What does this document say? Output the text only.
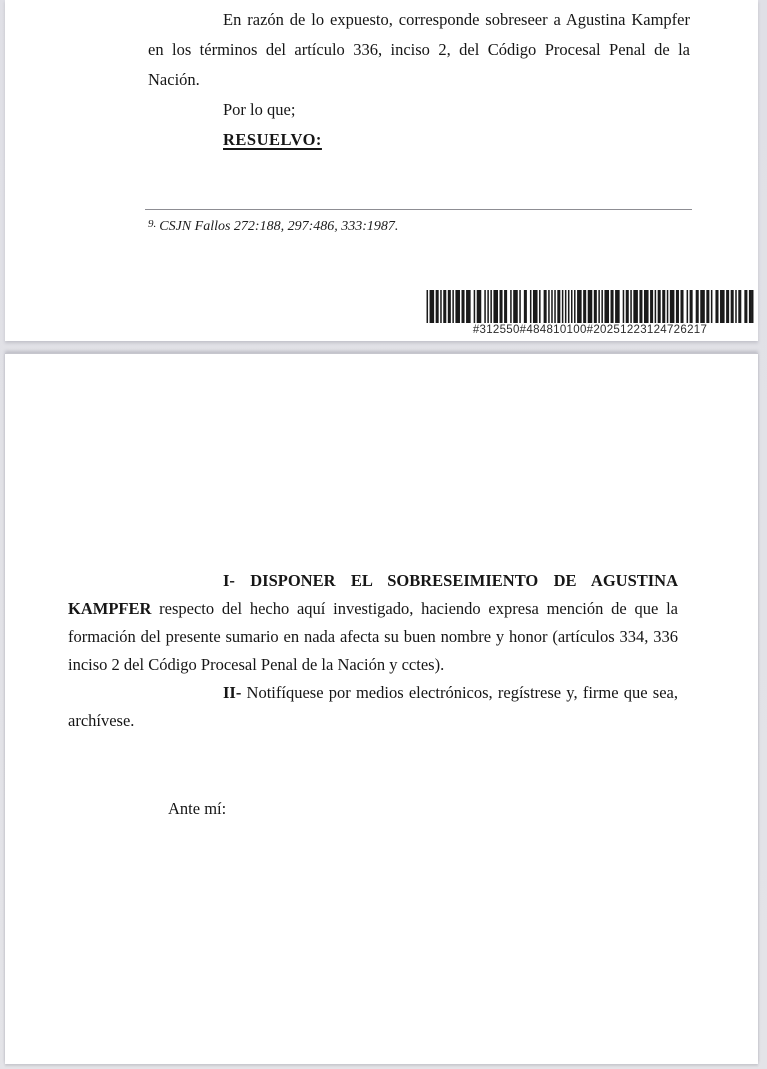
En razón de lo expuesto, corresponde sobreseer a Agustina Kampfer en los términos del artículo 336, inciso 2, del Código Procesal Penal de la Nación.

Por lo que;

RESUELVO:

$^{9.}$ CSJN Fallos 272:188, 297:486, 333:1987.

#312550#484810100#20251223124726217

I- DISPONER EL SOBRESEIMIENTO DE AGUSTINA KAMPFER respecto del hecho aquí investigado, haciendo expresa mención de que la formación del presente sumario en nada afecta su buen nombre y honor (artículos 334, 336 inciso 2 del Código Procesal Penal de la Nación y cctes).

II- Notifíquese por medios electrónicos, regístrese y, firme que sea, archívese.

Ante mí:
